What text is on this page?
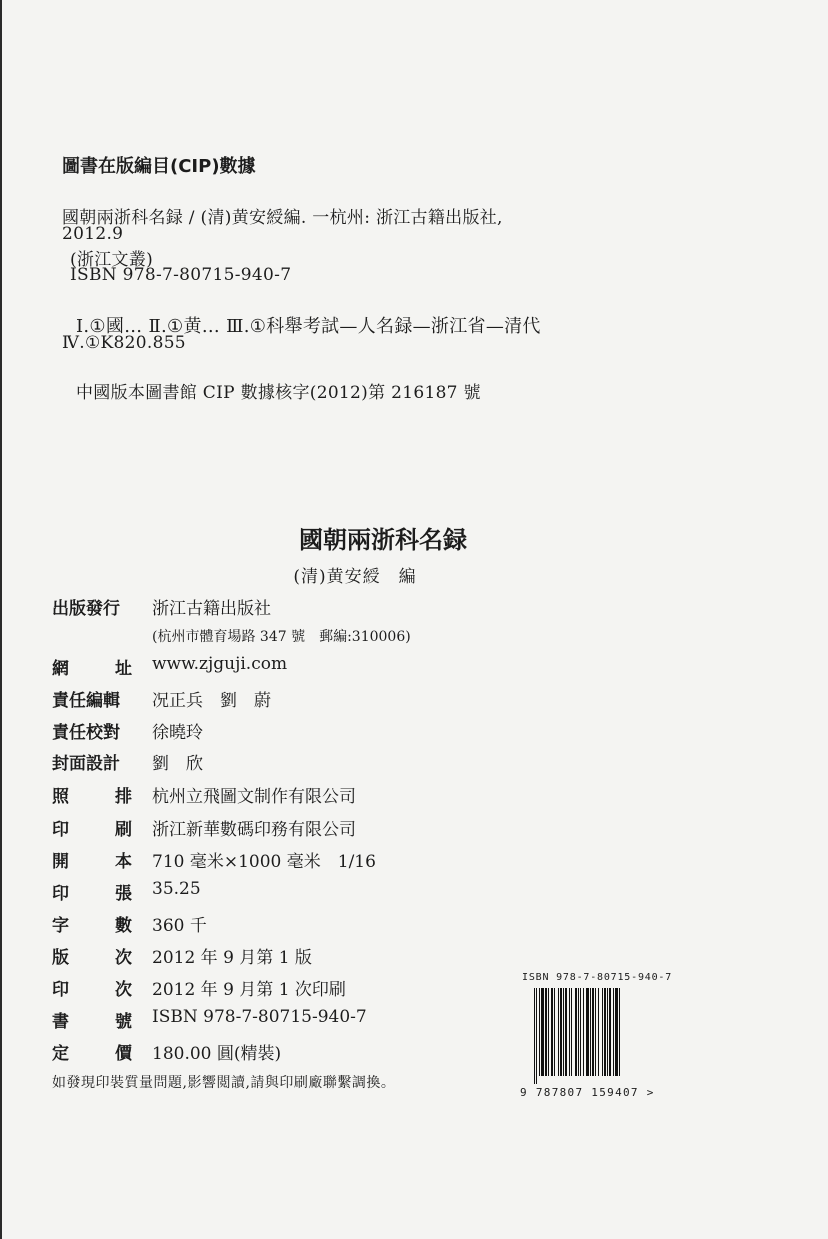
圖書在版編目(CIP)數據
國朝兩浙科名録 / (清)黄安綬編. 一杭州: 浙江古籍出版社,
2012.9
(浙江文叢)
ISBN 978-7-80715-940-7
Ⅰ.①國… Ⅱ.①黄… Ⅲ.①科舉考試—人名録—浙江省—清代
Ⅳ.①K820.855
中國版本圖書館 CIP 數據核字(2012)第 216187 號
國朝兩浙科名録
(清)黄安綬　編
出版發行	浙江古籍出版社
(杭州市體育場路 347 號　郵編:310006)
網	址 www.zjguji.com
責任編輯	况正兵　劉　蔚
責任校對	徐曉玲
封面設計	劉　欣
照	排 杭州立飛圖文制作有限公司
印	刷 浙江新華數碼印務有限公司
開	本 710 毫米×1000 毫米　1/16
印	張 35.25
字	數 360 千
版	次 2012 年 9 月第 1 版
印	次 2012 年 9 月第 1 次印刷
書	號 ISBN 978-7-80715-940-7
定	價 180.00 圓(精裝)
如發現印裝質量問題,影響閲讀,請與印刷廠聯繫調換。
ISBN 978-7-80715-940-7
9 787807 159407 >
